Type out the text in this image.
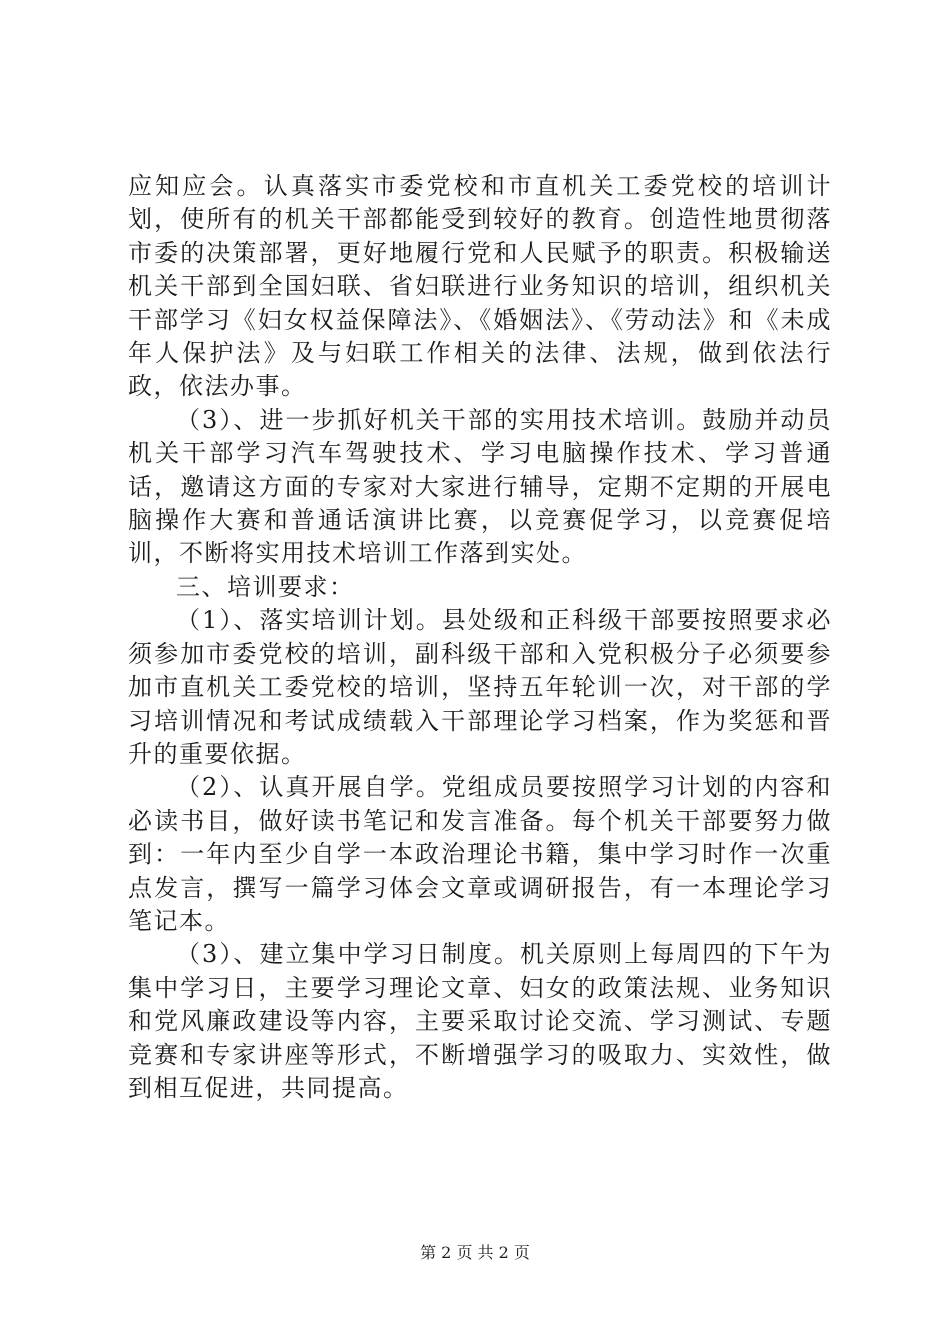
应知应会。认真落实市委党校和市直机关工委党校的培训计划，使所有的机关干部都能受到较好的教育。创造性地贯彻落市委的决策部署，更好地履行党和人民赋予的职责。积极输送机关干部到全国妇联、省妇联进行业务知识的培训，组织机关干部学习《妇女权益保障法》、《婚姻法》、《劳动法》和《未成年人保护法》及与妇联工作相关的法律、法规，做到依法行政，依法办事。

（3）、进一步抓好机关干部的实用技术培训。鼓励并动员机关干部学习汽车驾驶技术、学习电脑操作技术、学习普通话，邀请这方面的专家对大家进行辅导，定期不定期的开展电脑操作大赛和普通话演讲比赛，以竞赛促学习，以竞赛促培训，不断将实用技术培训工作落到实处。

三、培训要求：

（1）、落实培训计划。县处级和正科级干部要按照要求必须参加市委党校的培训，副科级干部和入党积极分子必须要参加市直机关工委党校的培训，坚持五年轮训一次，对干部的学习培训情况和考试成绩载入干部理论学习档案，作为奖惩和晋升的重要依据。

（2）、认真开展自学。党组成员要按照学习计划的内容和必读书目，做好读书笔记和发言准备。每个机关干部要努力做到：一年内至少自学一本政治理论书籍，集中学习时作一次重点发言，撰写一篇学习体会文章或调研报告，有一本理论学习笔记本。

（3）、建立集中学习日制度。机关原则上每周四的下午为集中学习日，主要学习理论文章、妇女的政策法规、业务知识和党风廉政建设等内容，主要采取讨论交流、学习测试、专题竞赛和专家讲座等形式，不断增强学习的吸取力、实效性，做到相互促进，共同提高。

第 2 页 共 2 页
